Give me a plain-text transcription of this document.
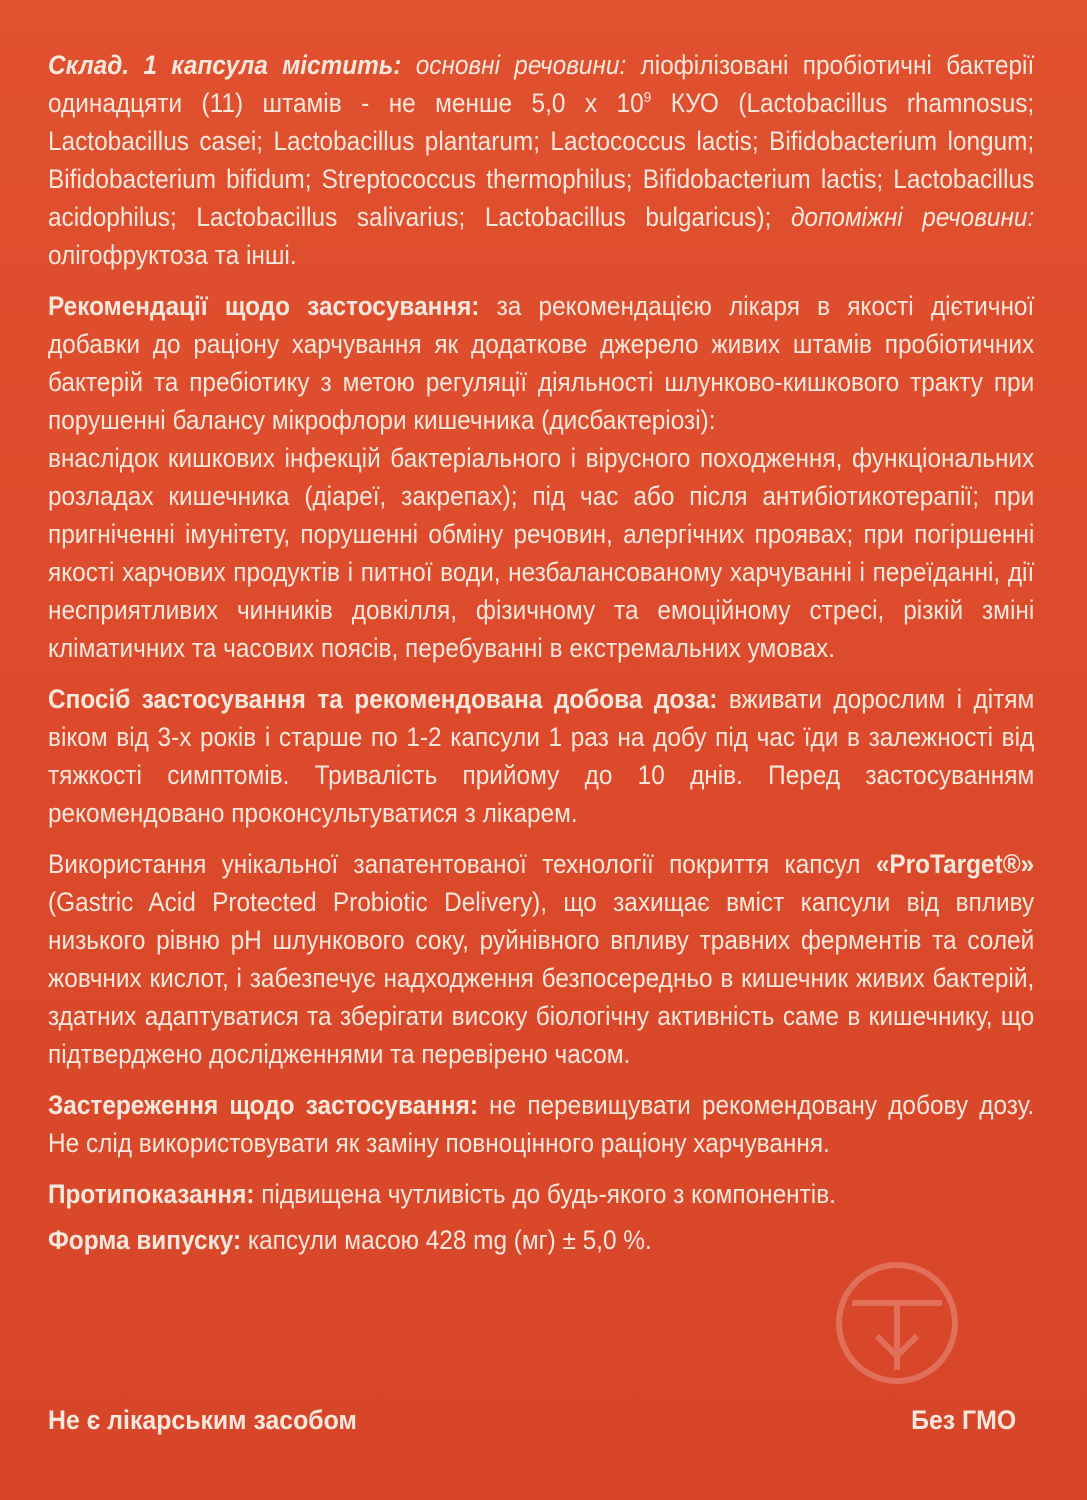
Склад. 1 капсула містить: основні речовини: ліофілізовані пробіотичні бактерії одинадцяти (11) штамів - не менше 5,0 x $10^9$ КУО (Lactobacillus rhamnosus; Lactobacillus casei; Lactobacillus plantarum; Lactococcus lactis; Bifidobacterium longum; Bifidobacterium bifidum; Streptococcus thermophilus; Bifidobacterium lactis; Lactobacillus acidophilus; Lactobacillus salivarius; Lactobacillus bulgaricus); допоміжні речовини: олігофруктоза та інші.

Рекомендації щодо застосування: за рекомендацією лікаря в якості дієтичної добавки до раціону харчування як додаткове джерело живих штамів пробіотичних бактерій та пребіотику з метою регуляції діяльності шлунково-кишкового тракту при порушенні балансу мікрофлори кишечника (дисбактеріозі):

внаслідок кишкових інфекцій бактеріального і вірусного походження, функціональних розладах кишечника (діареї, закрепах); під час або після антибіотикотерапії; при пригніченні імунітету, порушенні обміну речовин, алергічних проявах; при погіршенні якості харчових продуктів і питної води, незбалансованому харчуванні і переїданні, дії несприятливих чинників довкілля, фізичному та емоційному стресі, різкій зміні кліматичних та часових поясів, перебуванні в екстремальних умовах.

Спосіб застосування та рекомендована добова доза: вживати дорослим і дітям віком від 3-х років і старше по 1-2 капсули 1 раз на добу під час їди в залежності від тяжкості симптомів. Тривалість прийому до 10 днів. Перед застосуванням рекомендовано проконсультуватися з лікарем.

Використання унікальної запатентованої технології покриття капсул «ProTarget®» (Gastric Acid Protected Probiotic Delivery), що захищає вміст капсули від впливу низького рівню pH шлункового соку, руйнівного впливу травних ферментів та солей жовчних кислот, і забезпечує надходження безпосередньо в кишечник живих бактерій, здатних адаптуватися та зберігати високу біологічну активність саме в кишечнику, що підтверджено дослідженнями та перевірено часом.

Застереження щодо застосування: не перевищувати рекомендовану добову дозу. Не слід використовувати як заміну повноцінного раціону харчування.

Протипоказання: підвищена чутливість до будь-якого з компонентів.

Форма випуску: капсули масою 428 mg (мг) ± 5,0 %.

Не є лікарським засобом	Без ГМО
